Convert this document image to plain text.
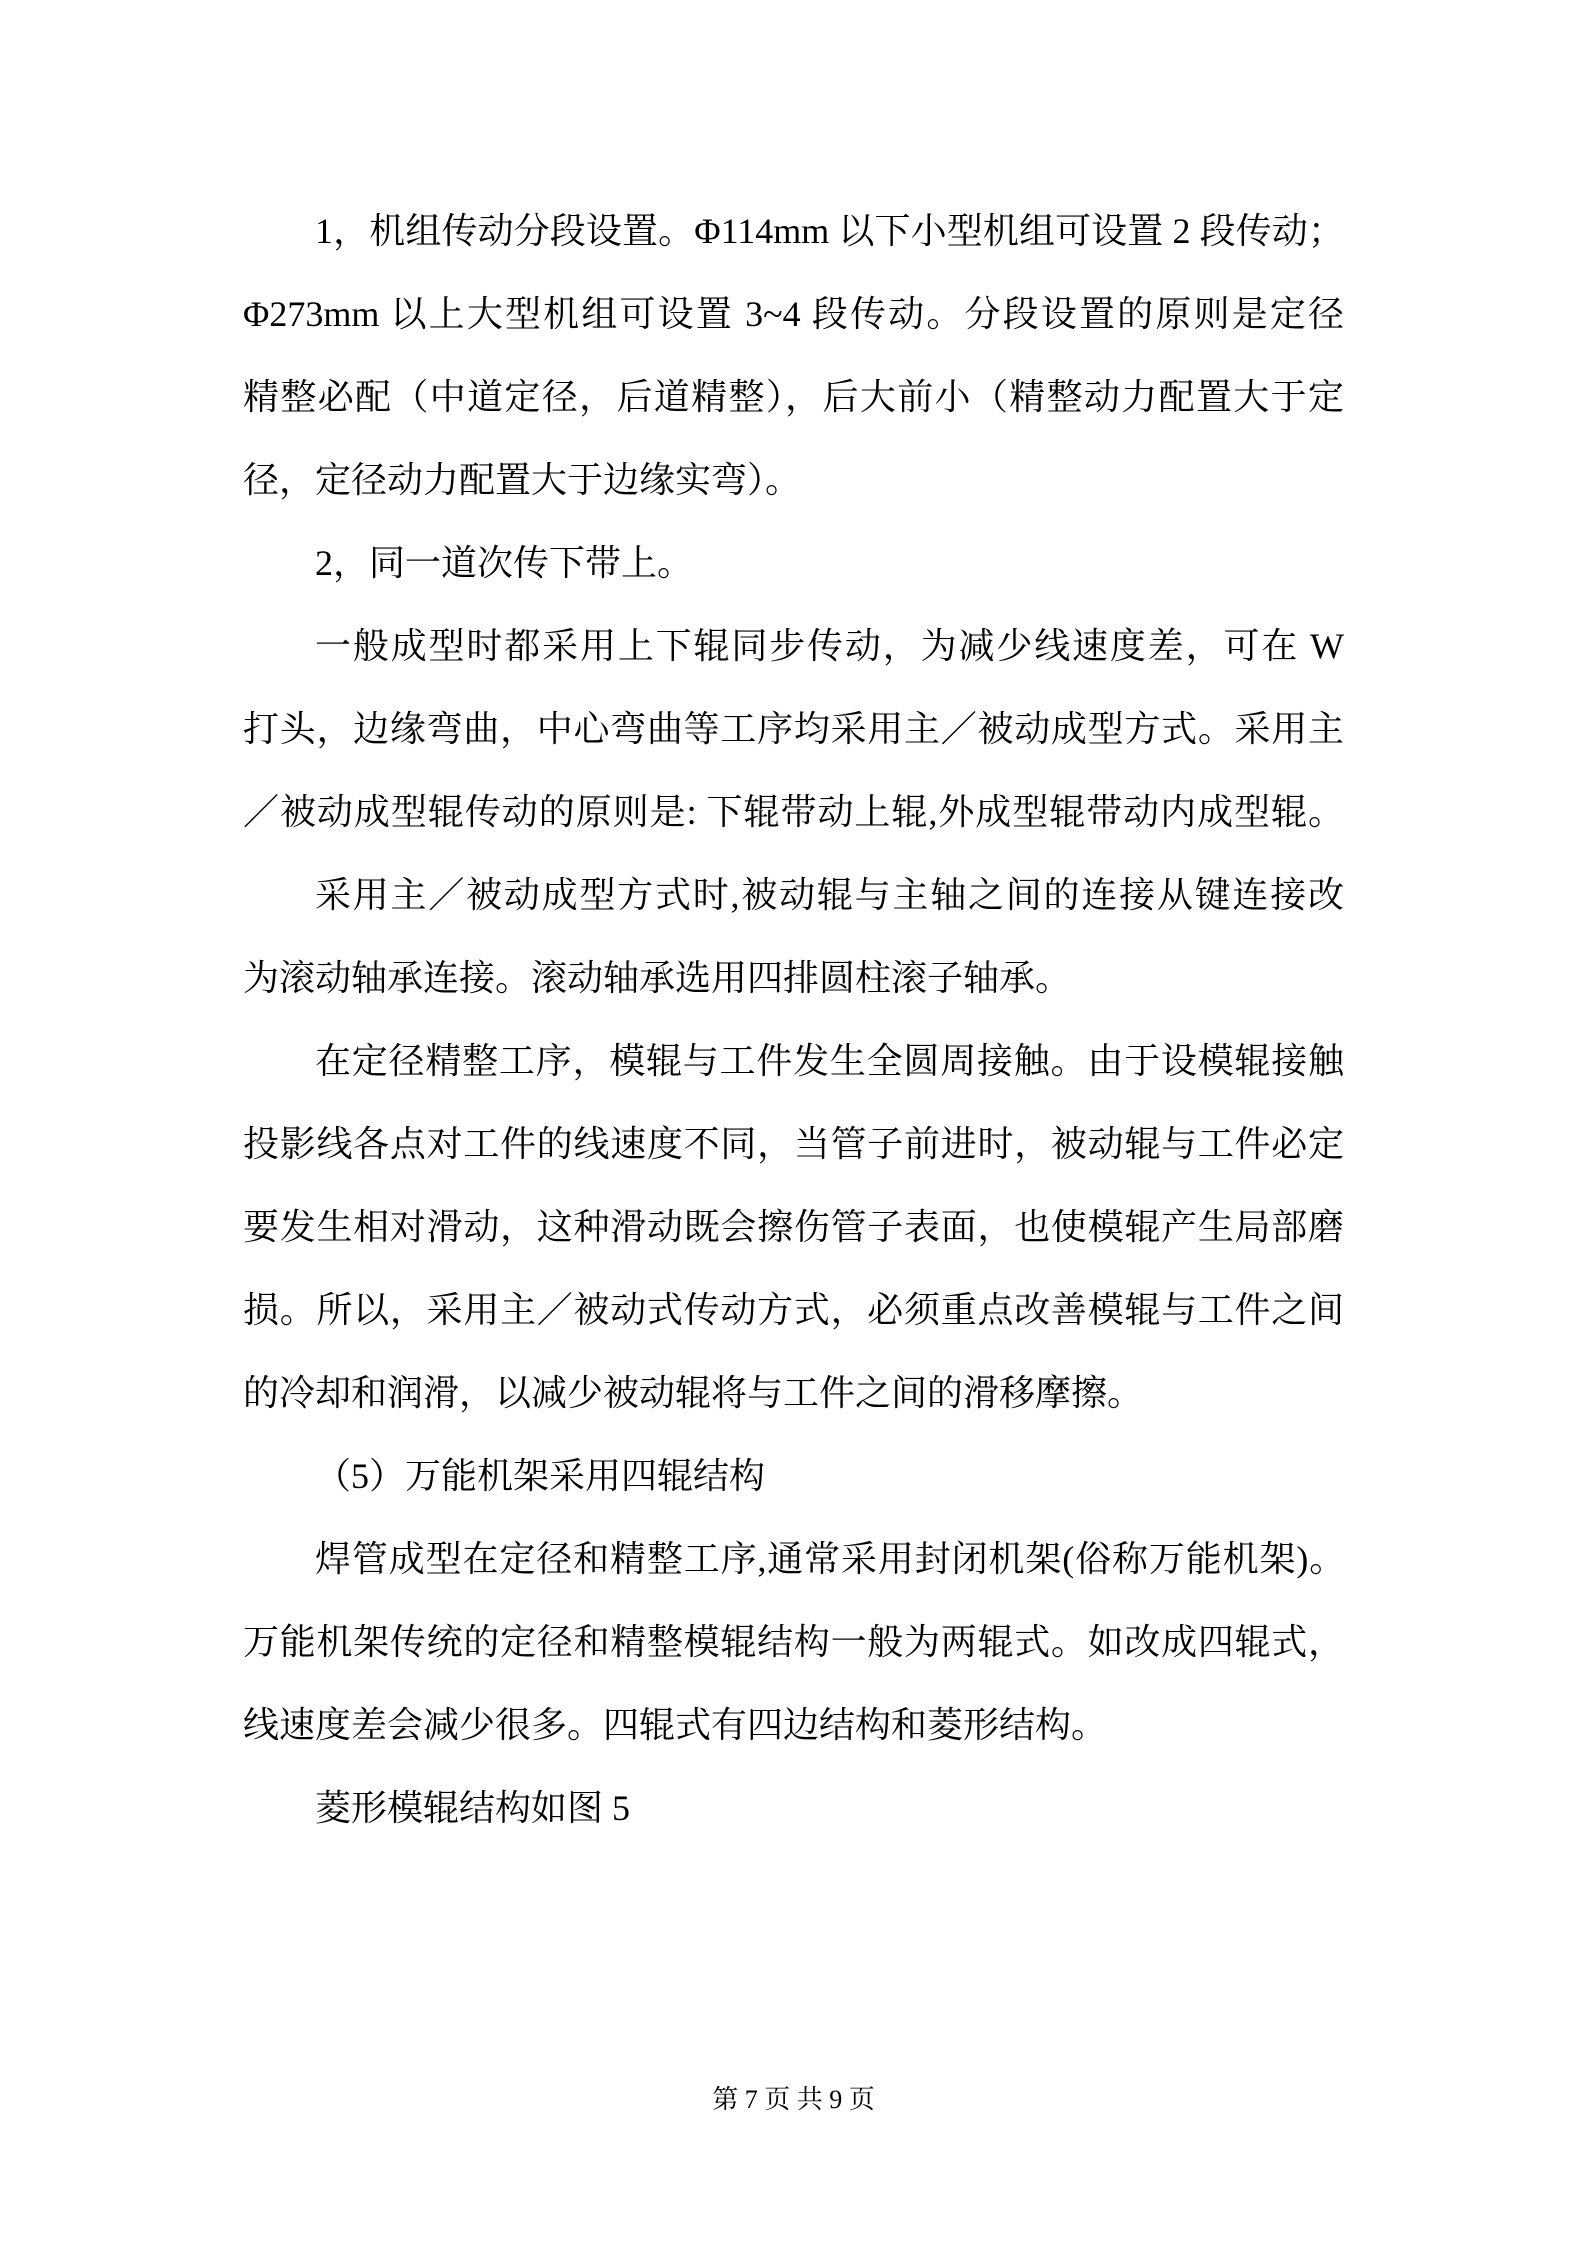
1，机组传动分段设置。Φ114mm 以下小型机组可设置 2 段传动；
Φ273mm 以上大型机组可设置 3~4 段传动。分段设置的原则是定径
精整必配（中道定径，后道精整），后大前小（精整动力配置大于定
径，定径动力配置大于边缘实弯）。
2，同一道次传下带上。
一般成型时都采用上下辊同步传动，为减少线速度差，可在 W
打头，边缘弯曲，中心弯曲等工序均采用主／被动成型方式。采用主
／被动成型辊传动的原则是: 下辊带动上辊,外成型辊带动内成型辊。
采用主／被动成型方式时,被动辊与主轴之间的连接从键连接改
为滚动轴承连接。滚动轴承选用四排圆柱滚子轴承。
在定径精整工序，模辊与工件发生全圆周接触。由于设模辊接触
投影线各点对工件的线速度不同，当管子前进时，被动辊与工件必定
要发生相对滑动，这种滑动既会擦伤管子表面，也使模辊产生局部磨
损。所以，采用主／被动式传动方式，必须重点改善模辊与工件之间
的冷却和润滑，以减少被动辊将与工件之间的滑移摩擦。
（5）万能机架采用四辊结构
焊管成型在定径和精整工序,通常采用封闭机架(俗称万能机架)。
万能机架传统的定径和精整模辊结构一般为两辊式。如改成四辊式，
线速度差会减少很多。四辊式有四边结构和菱形结构。
菱形模辊结构如图 5
第 7 页 共 9 页
